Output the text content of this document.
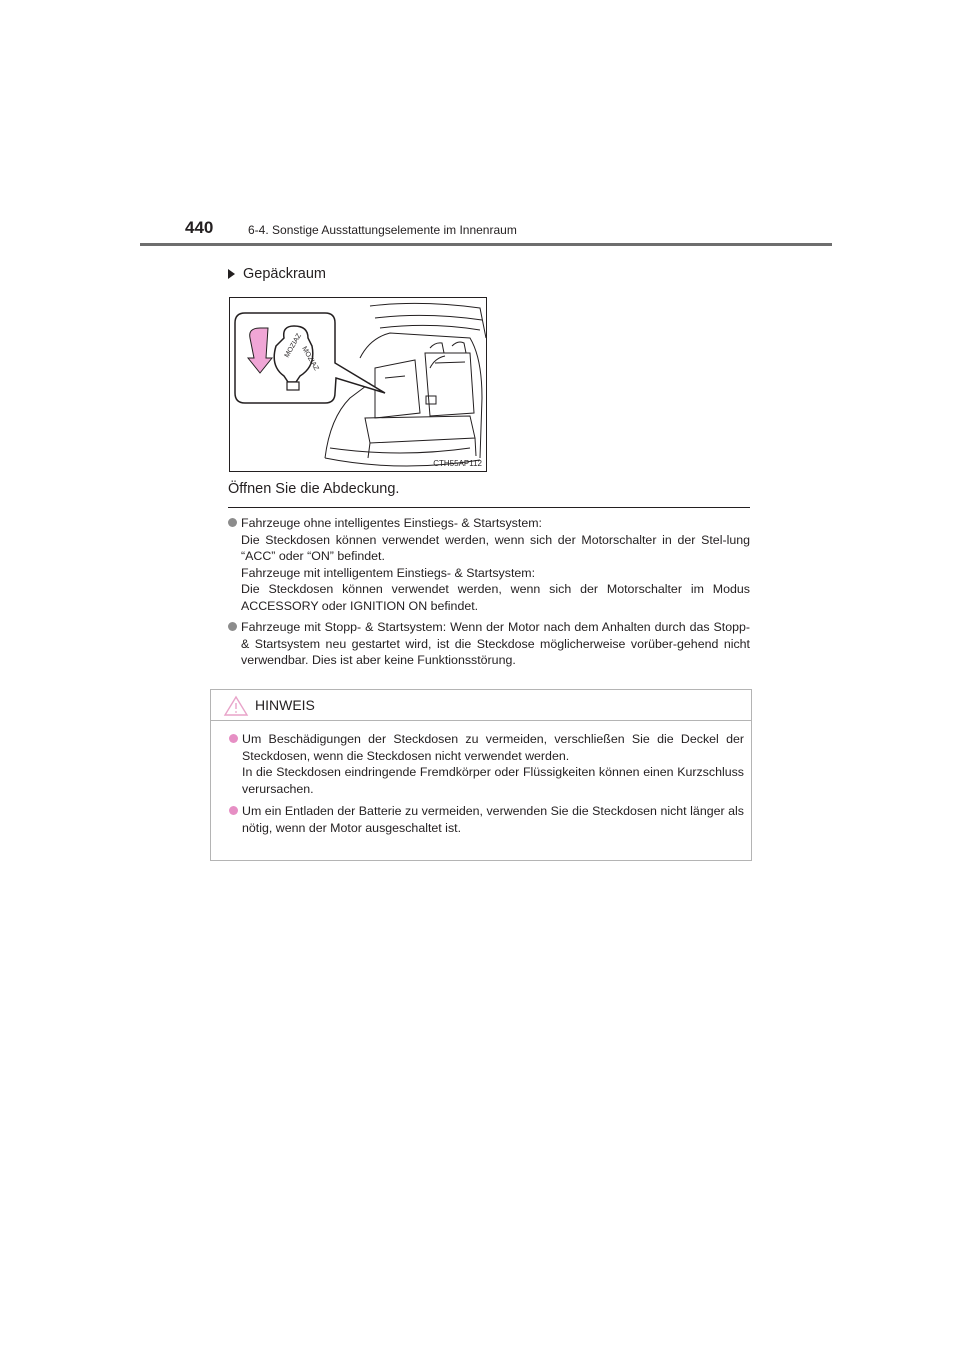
440	6-4. Sonstige Ausstattungselemente im Innenraum
Gepäckraum
MOZIAZ
MOZIAZ
CTH55AP112
Öffnen Sie die Abdeckung.
Fahrzeuge ohne intelligentes Einstiegs- & Startsystem:
Die Steckdosen können verwendet werden, wenn sich der Motorschalter in der Stel-lung “ACC” oder “ON” befindet.
Fahrzeuge mit intelligentem Einstiegs- & Startsystem:
Die Steckdosen können verwendet werden, wenn sich der Motorschalter im Modus ACCESSORY oder IGNITION ON befindet.
Fahrzeuge mit Stopp- & Startsystem: Wenn der Motor nach dem Anhalten durch das Stopp- & Startsystem neu gestartet wird, ist die Steckdose möglicherweise vorüber-gehend nicht verwendbar. Dies ist aber keine Funktionsstörung.
HINWEIS
Um Beschädigungen der Steckdosen zu vermeiden, verschließen Sie die Deckel der Steckdosen, wenn die Steckdosen nicht verwendet werden.
In die Steckdosen eindringende Fremdkörper oder Flüssigkeiten können einen Kurzschluss verursachen.
Um ein Entladen der Batterie zu vermeiden, verwenden Sie die Steckdosen nicht länger als nötig, wenn der Motor ausgeschaltet ist.
